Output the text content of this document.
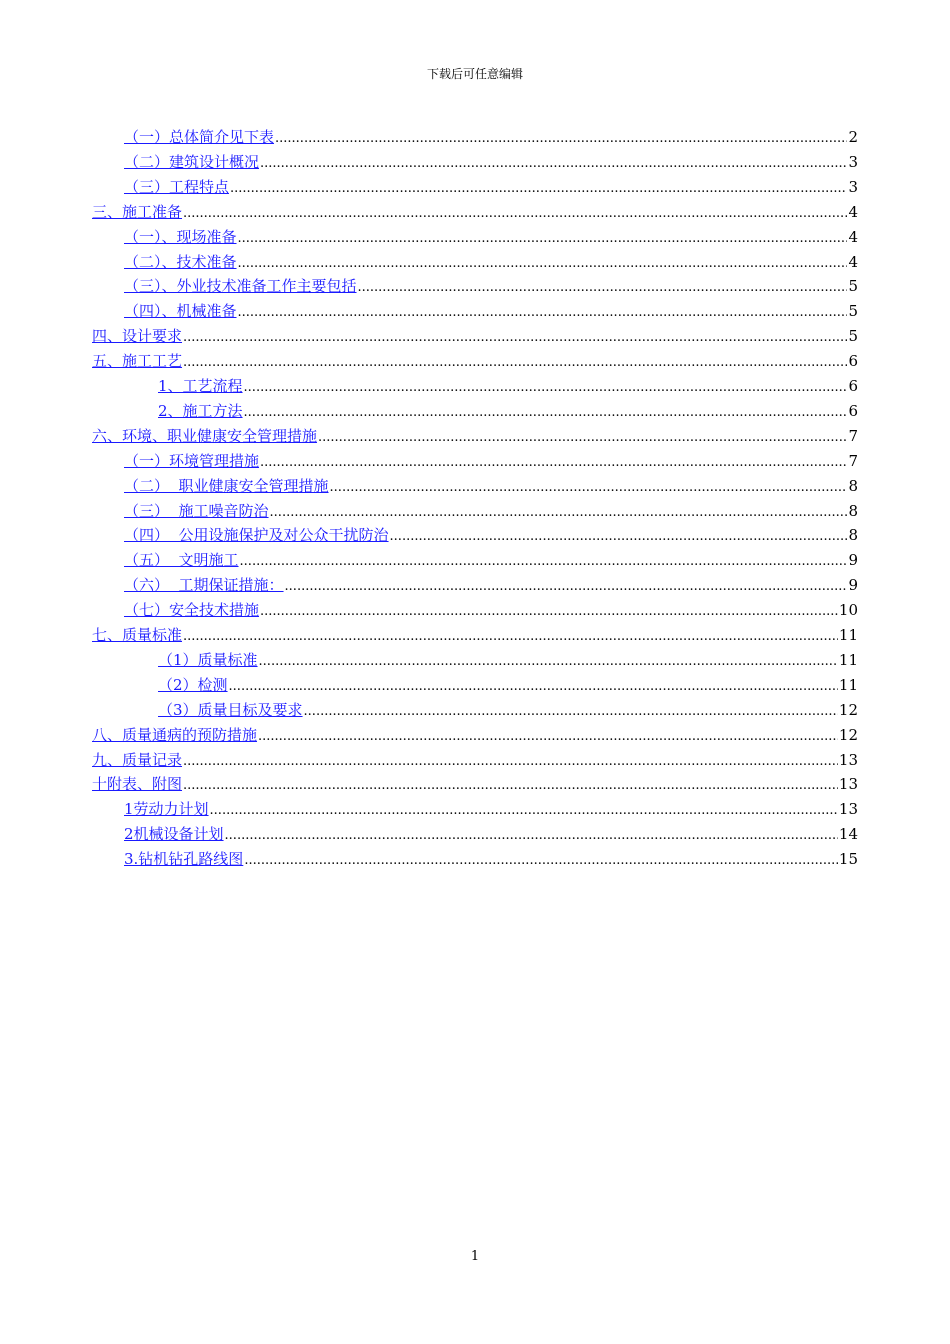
下载后可任意编辑
（一）总体简介见下表 .....	2
（二）建筑设计概况 .....	3
（三）工程特点 .....	3
三、施工准备 .....	4
（一）、现场准备 .....	4
（二）、技术准备 .....	4
（三）、外业技术准备工作主要包括 .....	5
（四）、机械准备 .....	5
四、设计要求 .....	5
五、施工工艺 .....	6
1、工艺流程 .....	6
2、施工方法 .....	6
六、环境、职业健康安全管理措施 .....	7
（一）环境管理措施 .....	7
（二）  职业健康安全管理措施 .....	8
（三）  施工噪音防治 .....	8
（四）  公用设施保护及对公众干扰防治 .....	8
（五）  文明施工 .....	9
（六）  工期保证措施： .....	9
（七）安全技术措施 .....	10
七、质量标准 .....	11
（1）质量标准 .....	11
（2）检测 .....	11
（3）质量目标及要求 .....	12
八、质量通病的预防措施 .....	12
九、质量记录 .....	13
十附表、附图 .....	13
1劳动力计划 .....	13
2机械设备计划 .....	14
3.钻机钻孔路线图 .....	15
1
